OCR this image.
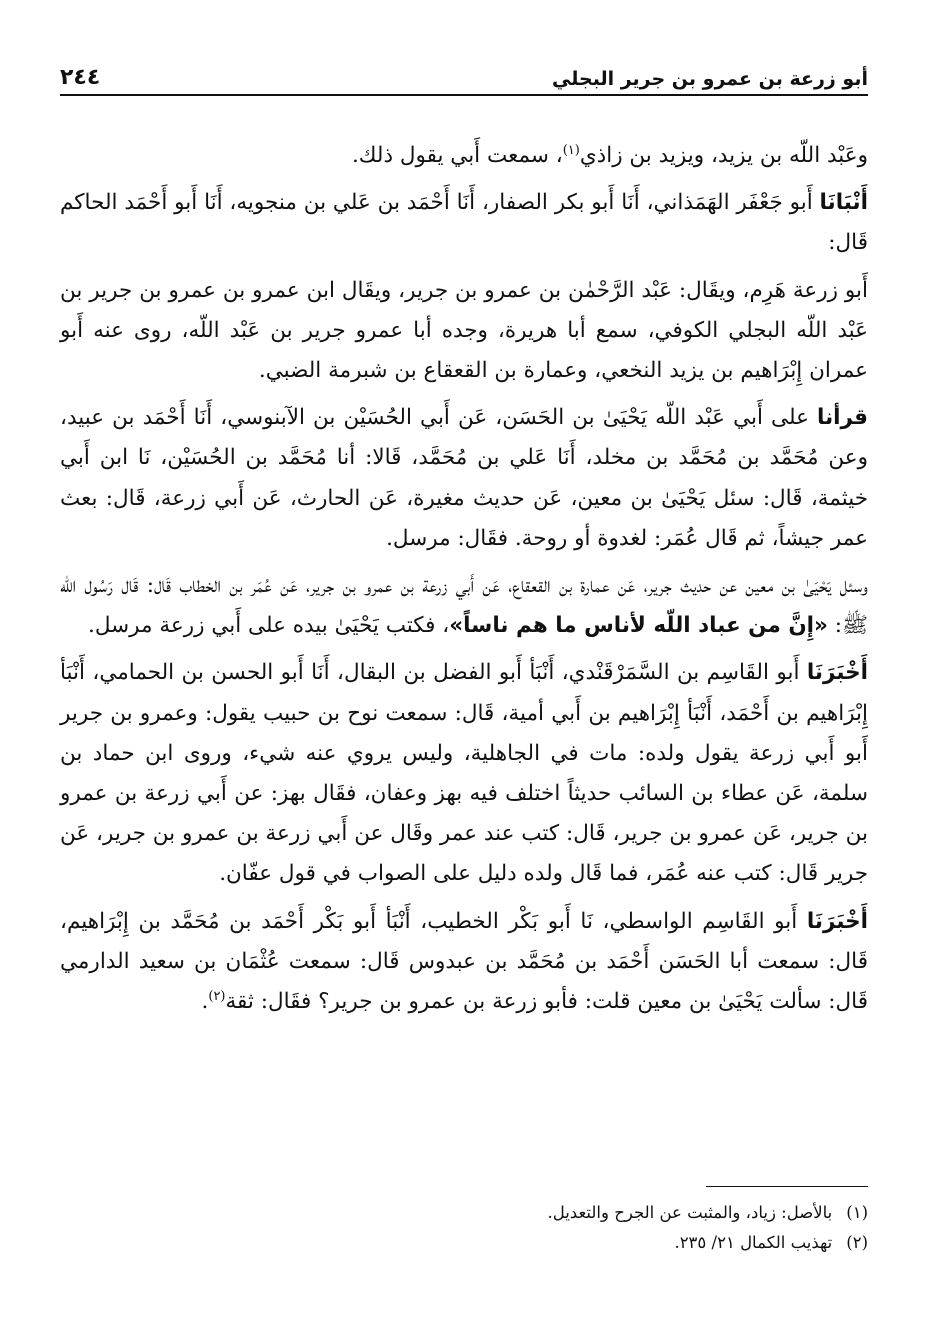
أبو زرعة بن عمرو بن جرير البجلي
٢٤٤

وعَبْد اللّه بن يزيد، ويزيد بن زاذي$^{(١)}$، سمعت أَبي يقول ذلك.

أَنْبَانَا أَبو جَعْفَر الهَمَذاني، أَنَا أَبو بكر الصفار، أَنَا أَحْمَد بن عَلي بن منجويه، أَنَا أَبو أَحْمَد الحاكم قَال:

أَبو زرعة هَرِم، ويقَال: عَبْد الرَّحْمٰن بن عمرو بن جرير، ويقَال ابن عمرو بن عمرو بن جرير بن عَبْد اللّه البجلي الكوفي، سمع أبا هريرة، وجده أبا عمرو جرير بن عَبْد اللّه، روى عنه أَبو عمران إِبْرَاهيم بن يزيد النخعي، وعمارة بن القعقاع بن شبرمة الضبي.

قرأنا على أَبي عَبْد اللّه يَحْيَىٰ بن الحَسَن، عَن أَبي الحُسَيْن بن الآبنوسي، أَنَا أَحْمَد بن عبيد، وعن مُحَمَّد بن مُحَمَّد بن مخلد، أَنَا عَلي بن مُحَمَّد، قَالا: أنا مُحَمَّد بن الحُسَيْن، نَا ابن أَبي خيثمة، قَال: سئل يَحْيَىٰ بن معين، عَن حديث مغيرة، عَن الحارث، عَن أَبي زرعة، قَال: بعث عمر جيشاً، ثم قَال عُمَر: لغدوة أو روحة. فقَال: مرسل.

وسئل يَحْيَىٰ بن معين عن حديث جرير، عَن عمارة بن القعقاع، عَن أَبي زرعة بن عمرو بن جرير، عَن عُمَر بن الخطاب قَال: قَال رَسُول اللّه ﷺ: «إِنَّ من عباد اللّه لأناس ما هم ناساً»، فكتب يَحْيَىٰ بيده على أَبي زرعة مرسل.

أَخْبَرَنَا أَبو القَاسِم بن السَّمَرْقَنْدي، أَنْبَأ أَبو الفضل بن البقال، أَنَا أَبو الحسن بن الحمامي، أَنْبَأ إِبْرَاهيم بن أَحْمَد، أَنْبَأ إِبْرَاهيم بن أَبي أمية، قَال: سمعت نوح بن حبيب يقول: وعمرو بن جرير أَبو أَبي زرعة يقول ولده: مات في الجاهلية، وليس يروي عنه شيء، وروى ابن حماد بن سلمة، عَن عطاء بن السائب حديثاً اختلف فيه بهز وعفان، فقَال بهز: عن أَبي زرعة بن عمرو بن جرير، عَن عمرو بن جرير، قَال: كتب عند عمر وقَال عن أَبي زرعة بن عمرو بن جرير، عَن جرير قَال: كتب عنه عُمَر، فما قَال ولده دليل على الصواب في قول عفّان.

أَخْبَرَنَا أَبو القَاسِم الواسطي، نَا أَبو بَكْر الخطيب، أَنْبَأ أَبو بَكْر أَحْمَد بن مُحَمَّد بن إِبْرَاهيم، قَال: سمعت أبا الحَسَن أَحْمَد بن مُحَمَّد بن عبدوس قَال: سمعت عُثْمَان بن سعيد الدارمي قَال: سألت يَحْيَىٰ بن معين قلت: فأبو زرعة بن عمرو بن جرير؟ فقَال: ثقة$^{(٢)}$.

(١)بالأصل: زياد، والمثبت عن الجرح والتعديل.

(٢)تهذيب الكمال ٢١/ ٢٣٥.
